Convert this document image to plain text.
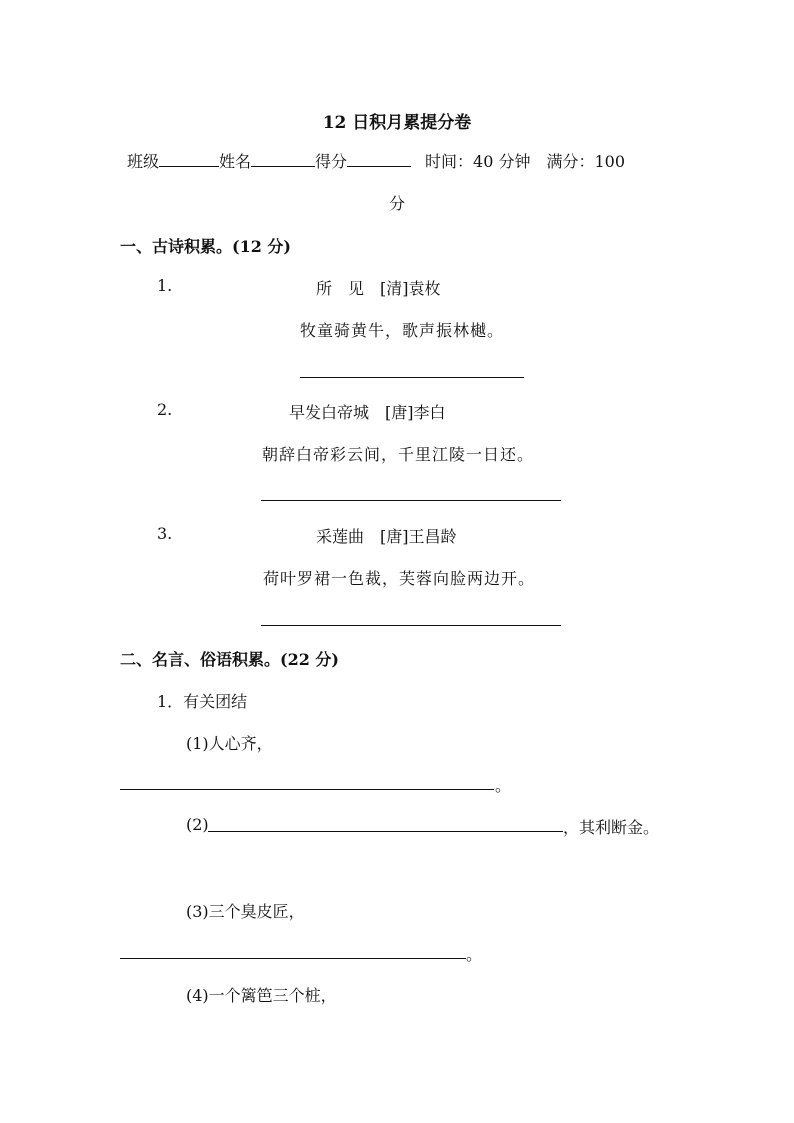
12 日积月累提分卷
班级	姓名	得分	时间：40 分钟 满分：100
分
一、古诗积累。(12 分)
1.	所　见　[清]袁枚
牧童骑黄牛，歌声振林樾。
2.	早发白帝城　[唐]李白
朝辞白帝彩云间，千里江陵一日还。
3.	采莲曲　[唐]王昌龄
荷叶罗裙一色裁，芙蓉向脸两边开。
二、名言、俗语积累。(22 分)
1．有关团结
(1)人心齐，
。
(2)	，其利断金。
(3)三个臭皮匠，
。
(4)一个篱笆三个桩，
